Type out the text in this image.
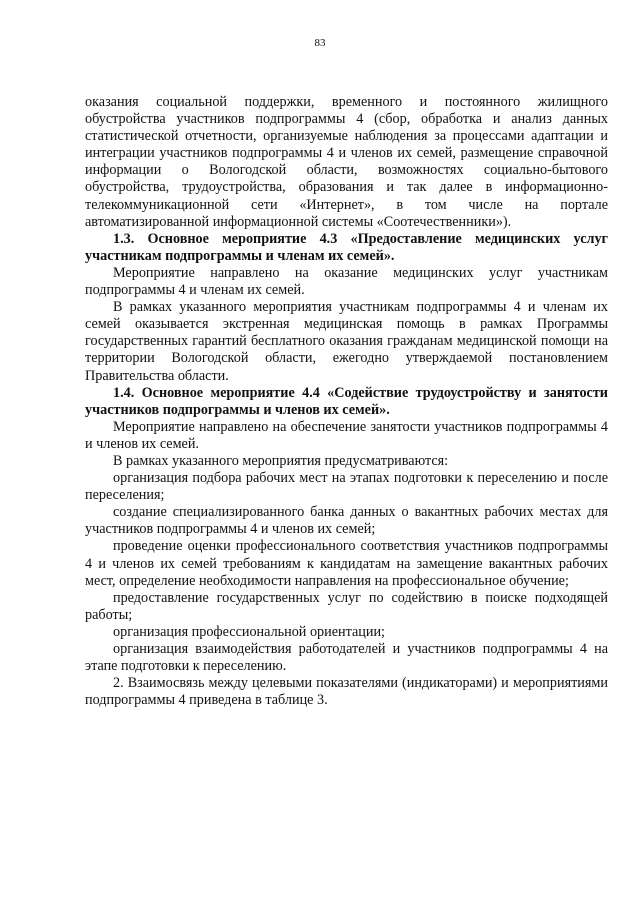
83

оказания социальной поддержки, временного и постоянного жилищного обустройства участников подпрограммы 4 (сбор, обработка и анализ данных статистической отчетности, организуемые наблюдения за процессами адаптации и интеграции участников подпрограммы 4 и членов их семей, размещение справочной информации о Вологодской области, возможностях социально-бытового обустройства, трудоустройства, образования и так далее в информационно-телекоммуникационной сети «Интернет», в том числе на портале автоматизированной информационной системы «Соотечественники»).

1.3. Основное мероприятие 4.3 «Предоставление медицинских услуг участникам подпрограммы и членам их семей».

Мероприятие направлено на оказание медицинских услуг участникам подпрограммы 4 и членам их семей.

В рамках указанного мероприятия участникам подпрограммы 4 и членам их семей оказывается экстренная медицинская помощь в рамках Программы государственных гарантий бесплатного оказания гражданам медицинской помощи на территории Вологодской области, ежегодно утверждаемой постановлением Правительства области.

1.4. Основное мероприятие 4.4 «Содействие трудоустройству и занятости участников подпрограммы и членов их семей».

Мероприятие направлено на обеспечение занятости участников подпрограммы 4 и членов их семей.

В рамках указанного мероприятия предусматриваются:

организация подбора рабочих мест на этапах подготовки к переселению и после переселения;

создание специализированного банка данных о вакантных рабочих местах для участников подпрограммы 4 и членов их семей;

проведение оценки профессионального соответствия участников подпрограммы 4 и членов их семей требованиям к кандидатам на замещение вакантных рабочих мест, определение необходимости направления на профессиональное обучение;

предоставление государственных услуг по содействию в поиске подходящей работы;

организация профессиональной ориентации;

организация взаимодействия работодателей и участников подпрограммы 4 на этапе подготовки к переселению.

2. Взаимосвязь между целевыми показателями (индикаторами) и мероприятиями подпрограммы 4 приведена в таблице 3.
